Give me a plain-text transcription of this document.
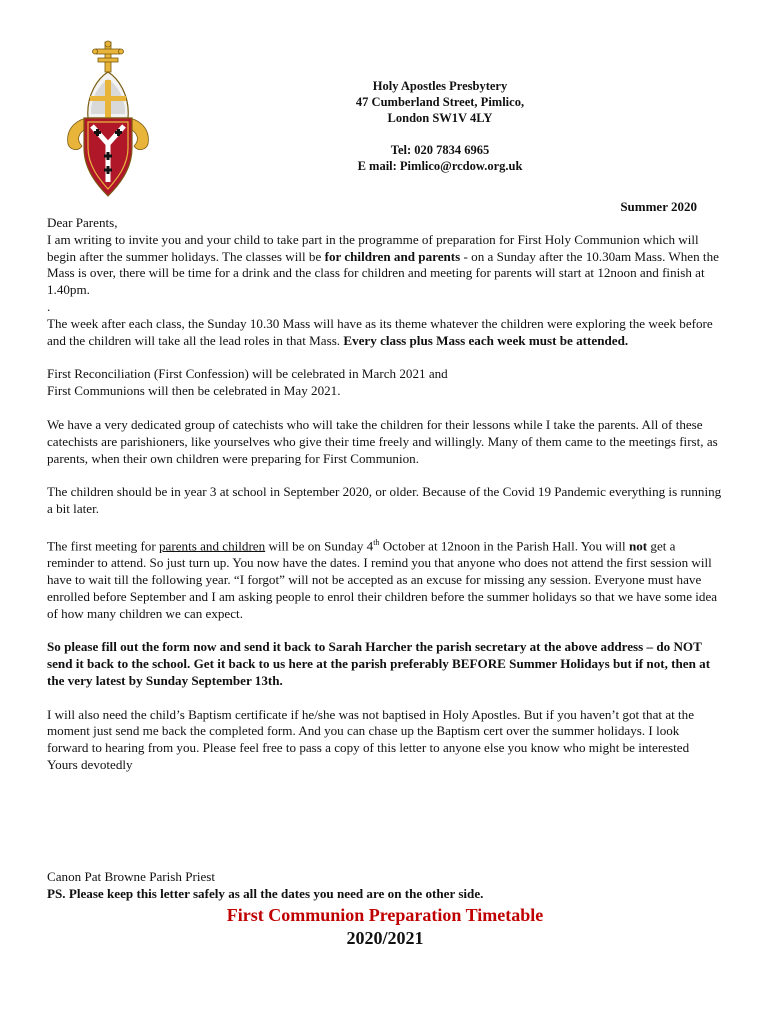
Holy Apostles Presbytery
47 Cumberland Street, Pimlico,
London SW1V 4LY
Tel: 020 7834 6965
E mail: Pimlico@rcdow.org.uk
Summer 2020

Dear Parents,

I am writing to invite you and your child to take part in the programme of preparation for First Holy Communion which will begin after the summer holidays. The classes will be for children and parents - on a Sunday after the 10.30am Mass. When the Mass is over, there will be time for a drink and the class for children and meeting for parents will start at 12noon and finish at 1.40pm.

.

The week after each class, the Sunday 10.30 Mass will have as its theme whatever the children were exploring the week before and the children will take all the lead roles in that Mass. Every class plus Mass each week must be attended.

First Reconciliation (First Confession) will be celebrated in March 2021 and

First Communions will then be celebrated in May 2021.

We have a very dedicated group of catechists who will take the children for their lessons while I take the parents. All of these catechists are parishioners, like yourselves who give their time freely and willingly. Many of them came to the meetings first, as parents, when their own children were preparing for First Communion.

The children should be in year 3 at school in September 2020, or older. Because of the Covid 19 Pandemic everything is running a bit later.

The first meeting for parents and children will be on Sunday 4th October at 12noon in the Parish Hall. You will not get a reminder to attend. So just turn up. You now have the dates. I remind you that anyone who does not attend the first session will have to wait till the following year. “I forgot” will not be accepted as an excuse for missing any session. Everyone must have enrolled before September and I am asking people to enrol their children before the summer holidays so that we have some idea of how many children we can expect.

So please fill out the form now and send it back to Sarah Harcher the parish secretary at the above address – do NOT send it back to the school. Get it back to us here at the parish preferably BEFORE Summer Holidays but if not, then at the very latest by Sunday September 13th.

I will also need the child’s Baptism certificate if he/she was not baptised in Holy Apostles. But if you haven’t got that at the moment just send me back the completed form. And you can chase up the Baptism cert over the summer holidays. I look forward to hearing from you. Please feel free to pass a copy of this letter to anyone else you know who might be interested

Yours devotedly

Canon Pat Browne Parish Priest

PS. Please keep this letter safely as all the dates you need are on the other side.

First Communion Preparation Timetable
2020/2021
